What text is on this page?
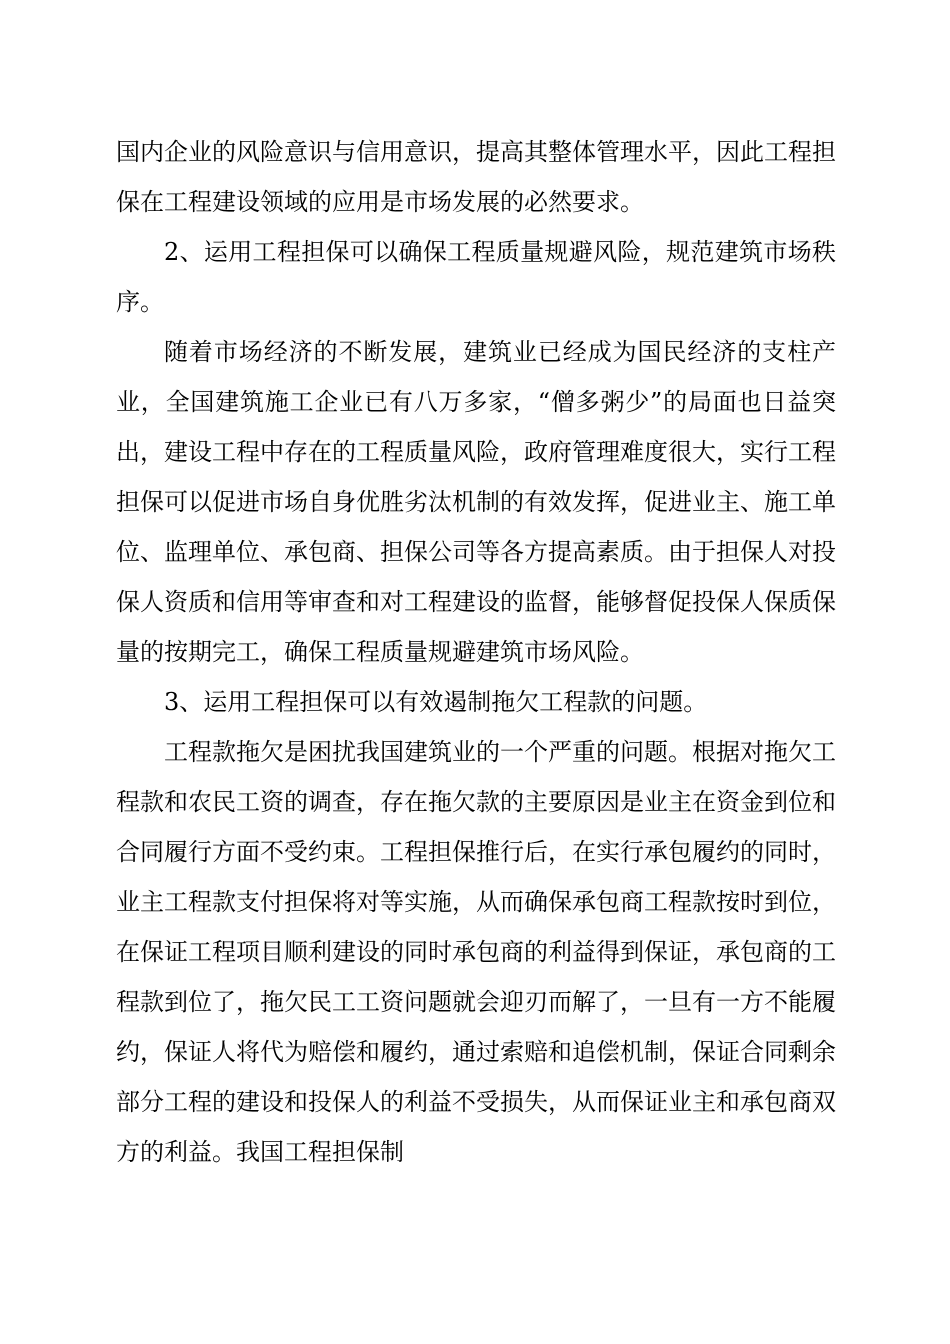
国内企业的风险意识与信用意识，提高其整体管理水平，因此工程担保在工程建设领域的应用是市场发展的必然要求。

2、运用工程担保可以确保工程质量规避风险，规范建筑市场秩序。

随着市场经济的不断发展，建筑业已经成为国民经济的支柱产业，全国建筑施工企业已有八万多家，“僧多粥少”的局面也日益突出，建设工程中存在的工程质量风险，政府管理难度很大，实行工程担保可以促进市场自身优胜劣汰机制的有效发挥，促进业主、施工单位、监理单位、承包商、担保公司等各方提高素质。由于担保人对投保人资质和信用等审查和对工程建设的监督，能够督促投保人保质保量的按期完工，确保工程质量规避建筑市场风险。

3、运用工程担保可以有效遏制拖欠工程款的问题。

工程款拖欠是困扰我国建筑业的一个严重的问题。根据对拖欠工程款和农民工资的调查，存在拖欠款的主要原因是业主在资金到位和合同履行方面不受约束。工程担保推行后，在实行承包履约的同时，业主工程款支付担保将对等实施，从而确保承包商工程款按时到位，在保证工程项目顺利建设的同时承包商的利益得到保证，承包商的工程款到位了，拖欠民工工资问题就会迎刃而解了，一旦有一方不能履约，保证人将代为赔偿和履约，通过索赔和追偿机制，保证合同剩余部分工程的建设和投保人的利益不受损失，从而保证业主和承包商双方的利益。我国工程担保制
